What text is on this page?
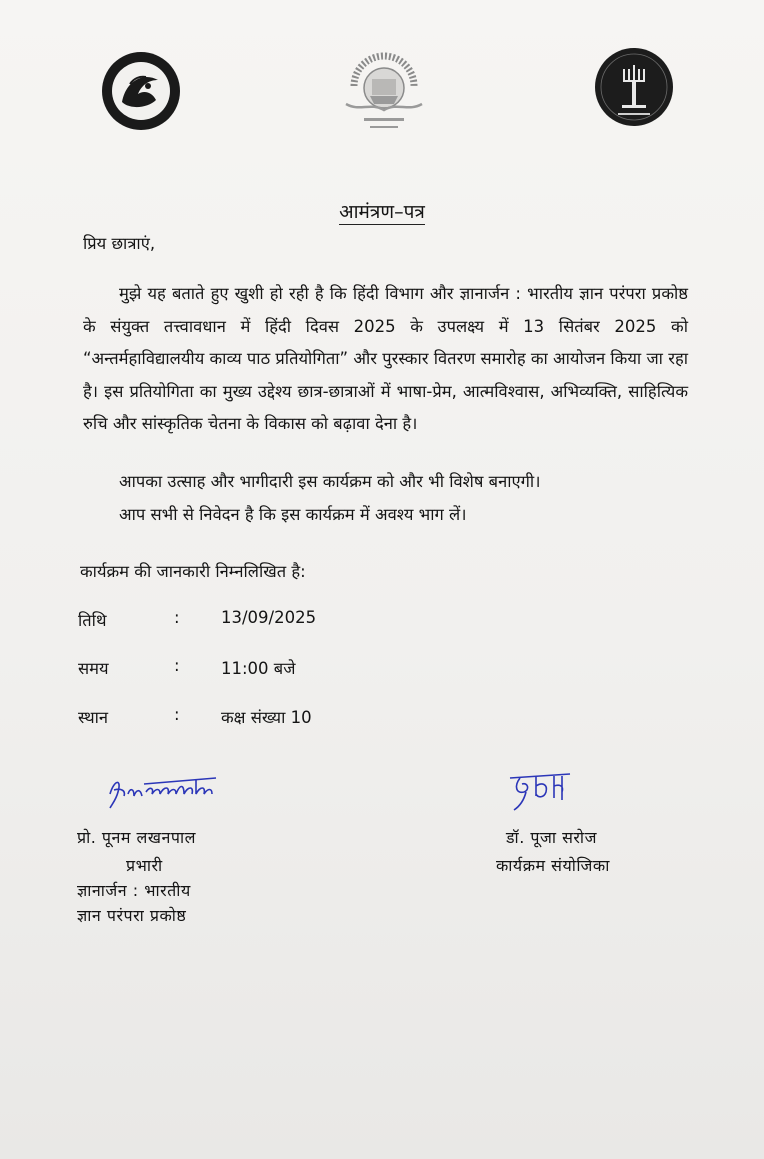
आमंत्रण–पत्र
प्रिय छात्राएं,

मुझे यह बताते हुए खुशी हो रही है कि हिंदी विभाग और ज्ञानार्जन : भारतीय ज्ञान परंपरा प्रकोष्ठ के संयुक्त तत्त्वावधान में हिंदी दिवस 2025 के उपलक्ष्य में 13 सितंबर 2025 को “अन्तर्महाविद्यालयीय काव्य पाठ प्रतियोगिता” और पुरस्कार वितरण समारोह का आयोजन किया जा रहा है। इस प्रतियोगिता का मुख्य उद्देश्य छात्र-छात्राओं में भाषा-प्रेम, आत्मविश्वास, अभिव्यक्ति, साहित्यिक रुचि और सांस्कृतिक चेतना के विकास को बढ़ावा देना है।

आपका उत्साह और भागीदारी इस कार्यक्रम को और भी विशेष बनाएगी।
आप सभी से निवेदन है कि इस कार्यक्रम में अवश्य भाग लें।
कार्यक्रम की जानकारी निम्नलिखित है:
तिथि	:	13/09/2025
समय	:	11:00 बजे
स्थान	:	कक्ष संख्या 10
प्रो. पूनम लखनपाल
प्रभारी
ज्ञानार्जन : भारतीय
ज्ञान परंपरा प्रकोष्ठ
डॉ. पूजा सरोज
कार्यक्रम संयोजिका
